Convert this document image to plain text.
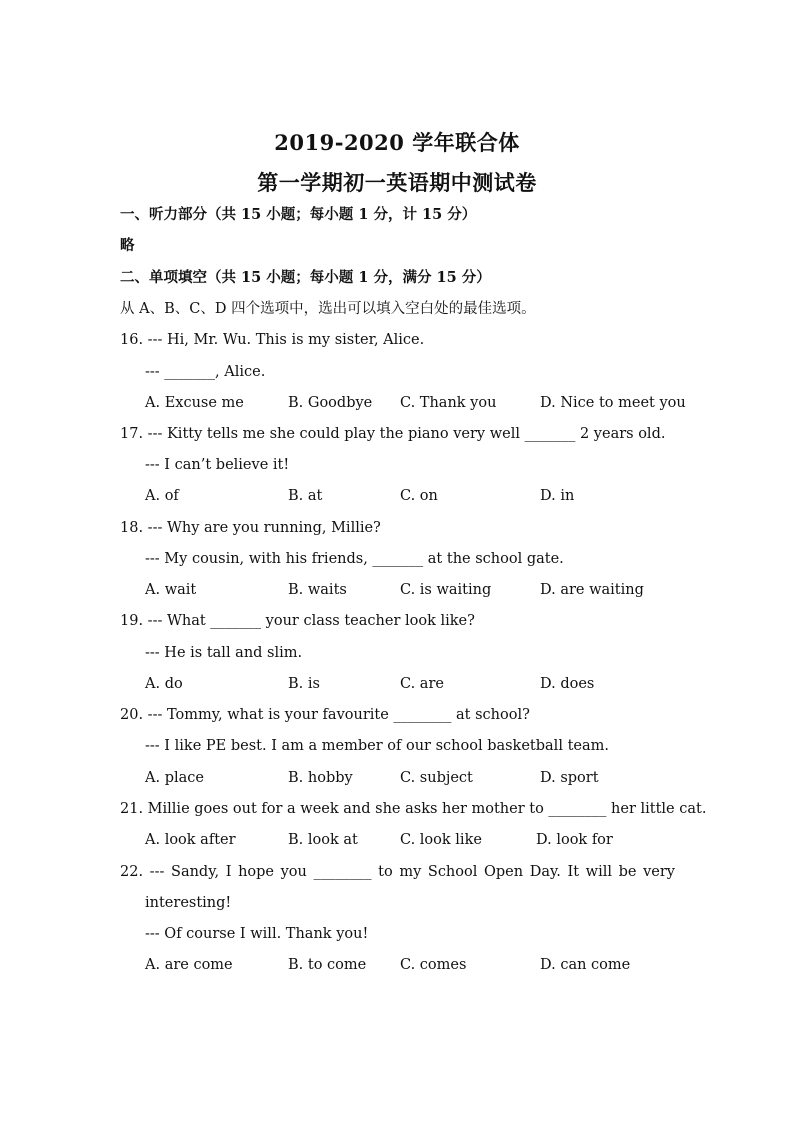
2019-2020 学年联合体
第一学期初一英语期中测试卷
一、听力部分（共 15 小题；每小题 1 分，计 15 分）
略
二、单项填空（共 15 小题；每小题 1 分，满分 15 分）
从 A、B、C、D 四个选项中，选出可以填入空白处的最佳选项。
16. --- Hi, Mr. Wu. This is my sister, Alice.
--- _______, Alice.
A. Excuse me	B. Goodbye C. Thank you	D. Nice to meet you
17. --- Kitty tells me she could play the piano very well _______ 2 years old.
--- I can’t believe it!
A. of	B. at	C. on	D. in
18. --- Why are you running, Millie?
--- My cousin, with his friends, _______ at the school gate.
A. wait	B. waits	C. is waiting	D. are waiting
19. --- What _______ your class teacher look like?
--- He is tall and slim.
A. do	B. is	C. are	D. does
20. --- Tommy, what is your favourite ________ at school?
--- I like PE best. I am a member of our school basketball team.
A. place	B. hobby	C. subject	D. sport
21. Millie goes out for a week and she asks her mother to ________ her little cat.
A. look after	B. look at	C. look like	D. look for
22. --- Sandy, I hope you ________ to my School Open Day. It will be very
interesting!
--- Of course I will. Thank you!
A. are come	B. to come C. comes	D. can come
